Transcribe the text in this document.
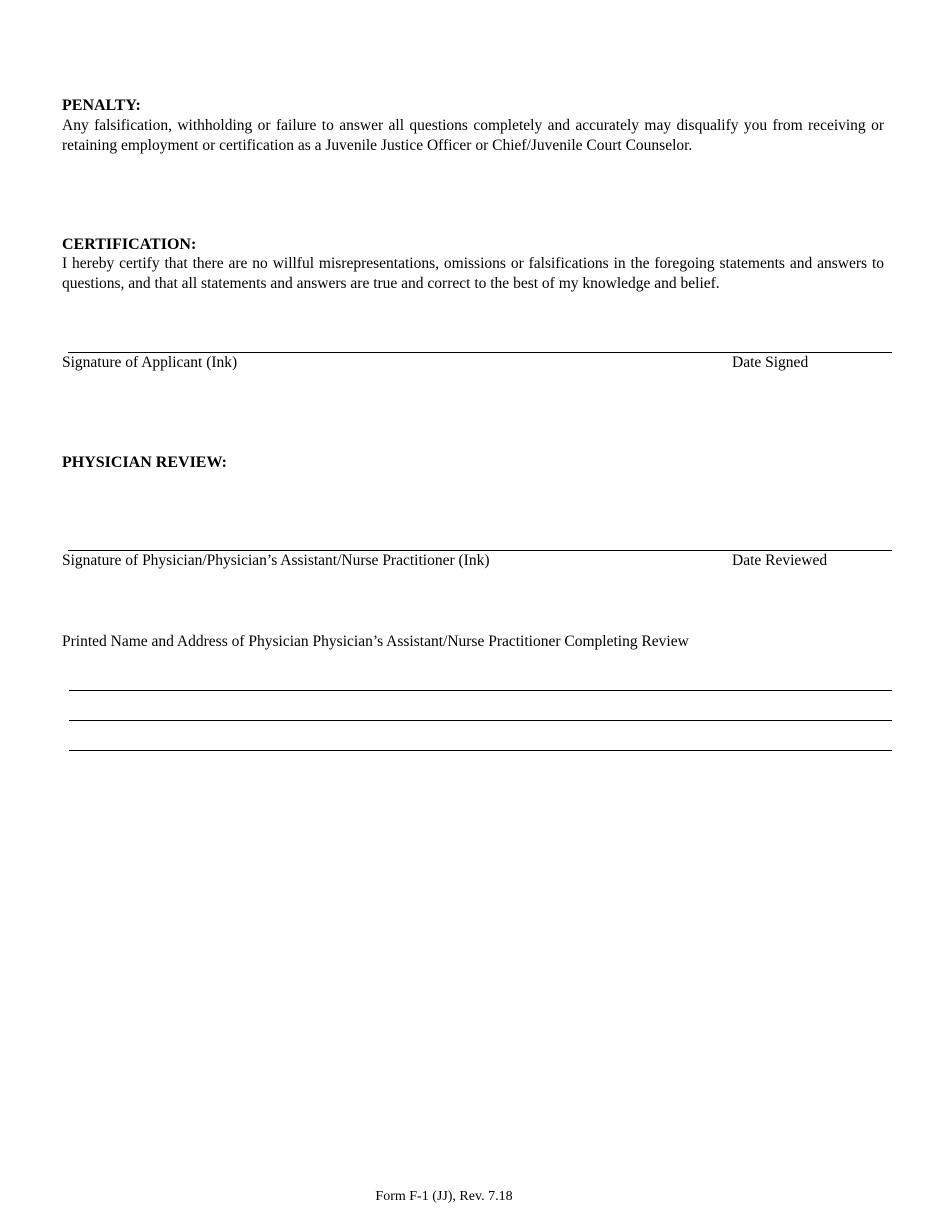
PENALTY:

Any falsification, withholding or failure to answer all questions completely and accurately may disqualify you from receiving or retaining employment or certification as a Juvenile Justice Officer or Chief/Juvenile Court Counselor.

CERTIFICATION:

I hereby certify that there are no willful misrepresentations, omissions or falsifications in the foregoing statements and answers to questions, and that all statements and answers are true and correct to the best of my knowledge and belief.

Signature of Applicant (Ink)	Date Signed
PHYSICIAN REVIEW:
Signature of Physician/Physician’s Assistant/Nurse Practitioner (Ink)	Date Reviewed
Printed Name and Address of Physician Physician’s Assistant/Nurse Practitioner Completing Review
Form F-1 (JJ), Rev. 7.18
